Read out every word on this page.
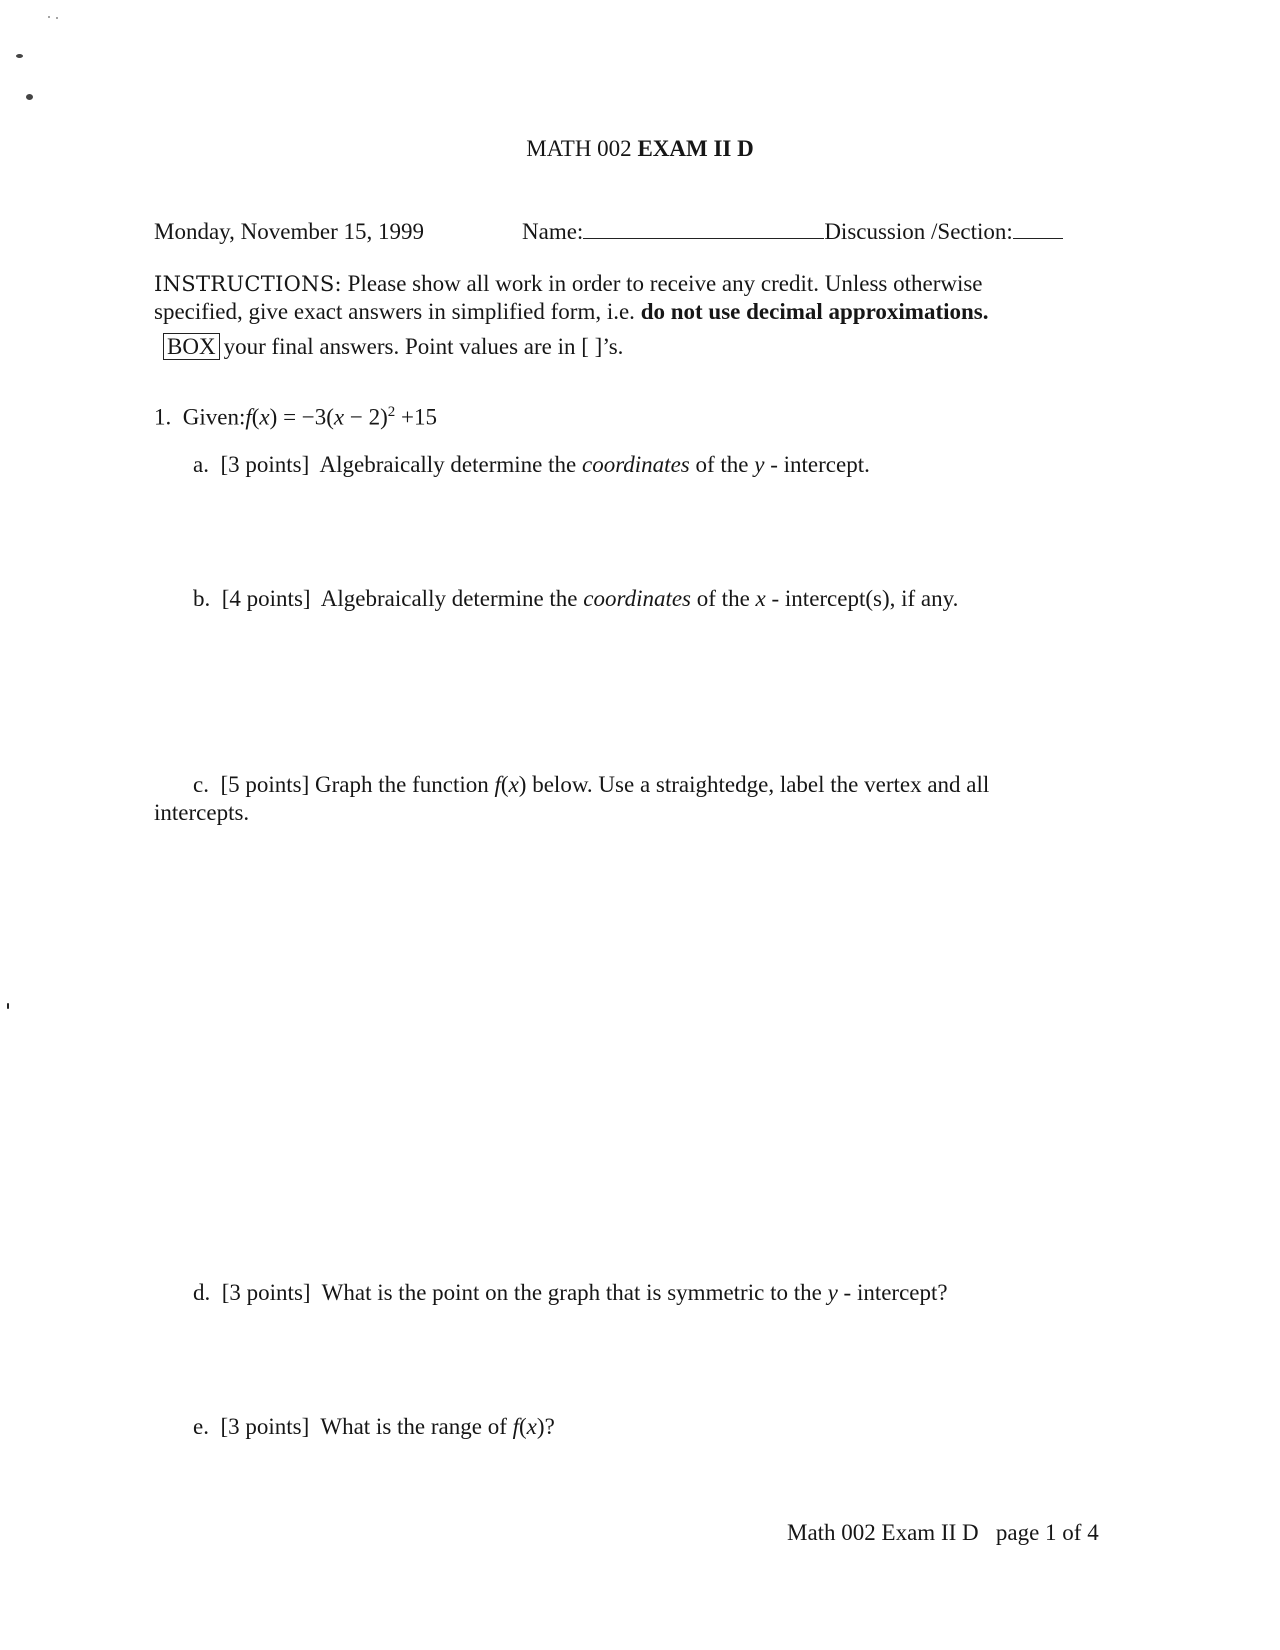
MATH 002 EXAM II D
Monday, November 15, 1999	Name:	Discussion /Section:
INSTRUCTIONS: Please show all work in order to receive any credit. Unless otherwise
specified, give exact answers in simplified form, i.e. do not use decimal approximations.
BOX your final answers. Point values are in [ ]’s.
1. Given:f(x) = $-3(x - 2)^2 +15$
a. [3 points] Algebraically determine the coordinates of the y - intercept.
b. [4 points] Algebraically determine the coordinates of the x - intercept(s), if any.
c. [5 points] Graph the function f(x) below. Use a straightedge, label the vertex and all
intercepts.
d. [3 points] What is the point on the graph that is symmetric to the y - intercept?
e. [3 points] What is the range of f(x)?
Math 002 Exam II D page 1 of 4
